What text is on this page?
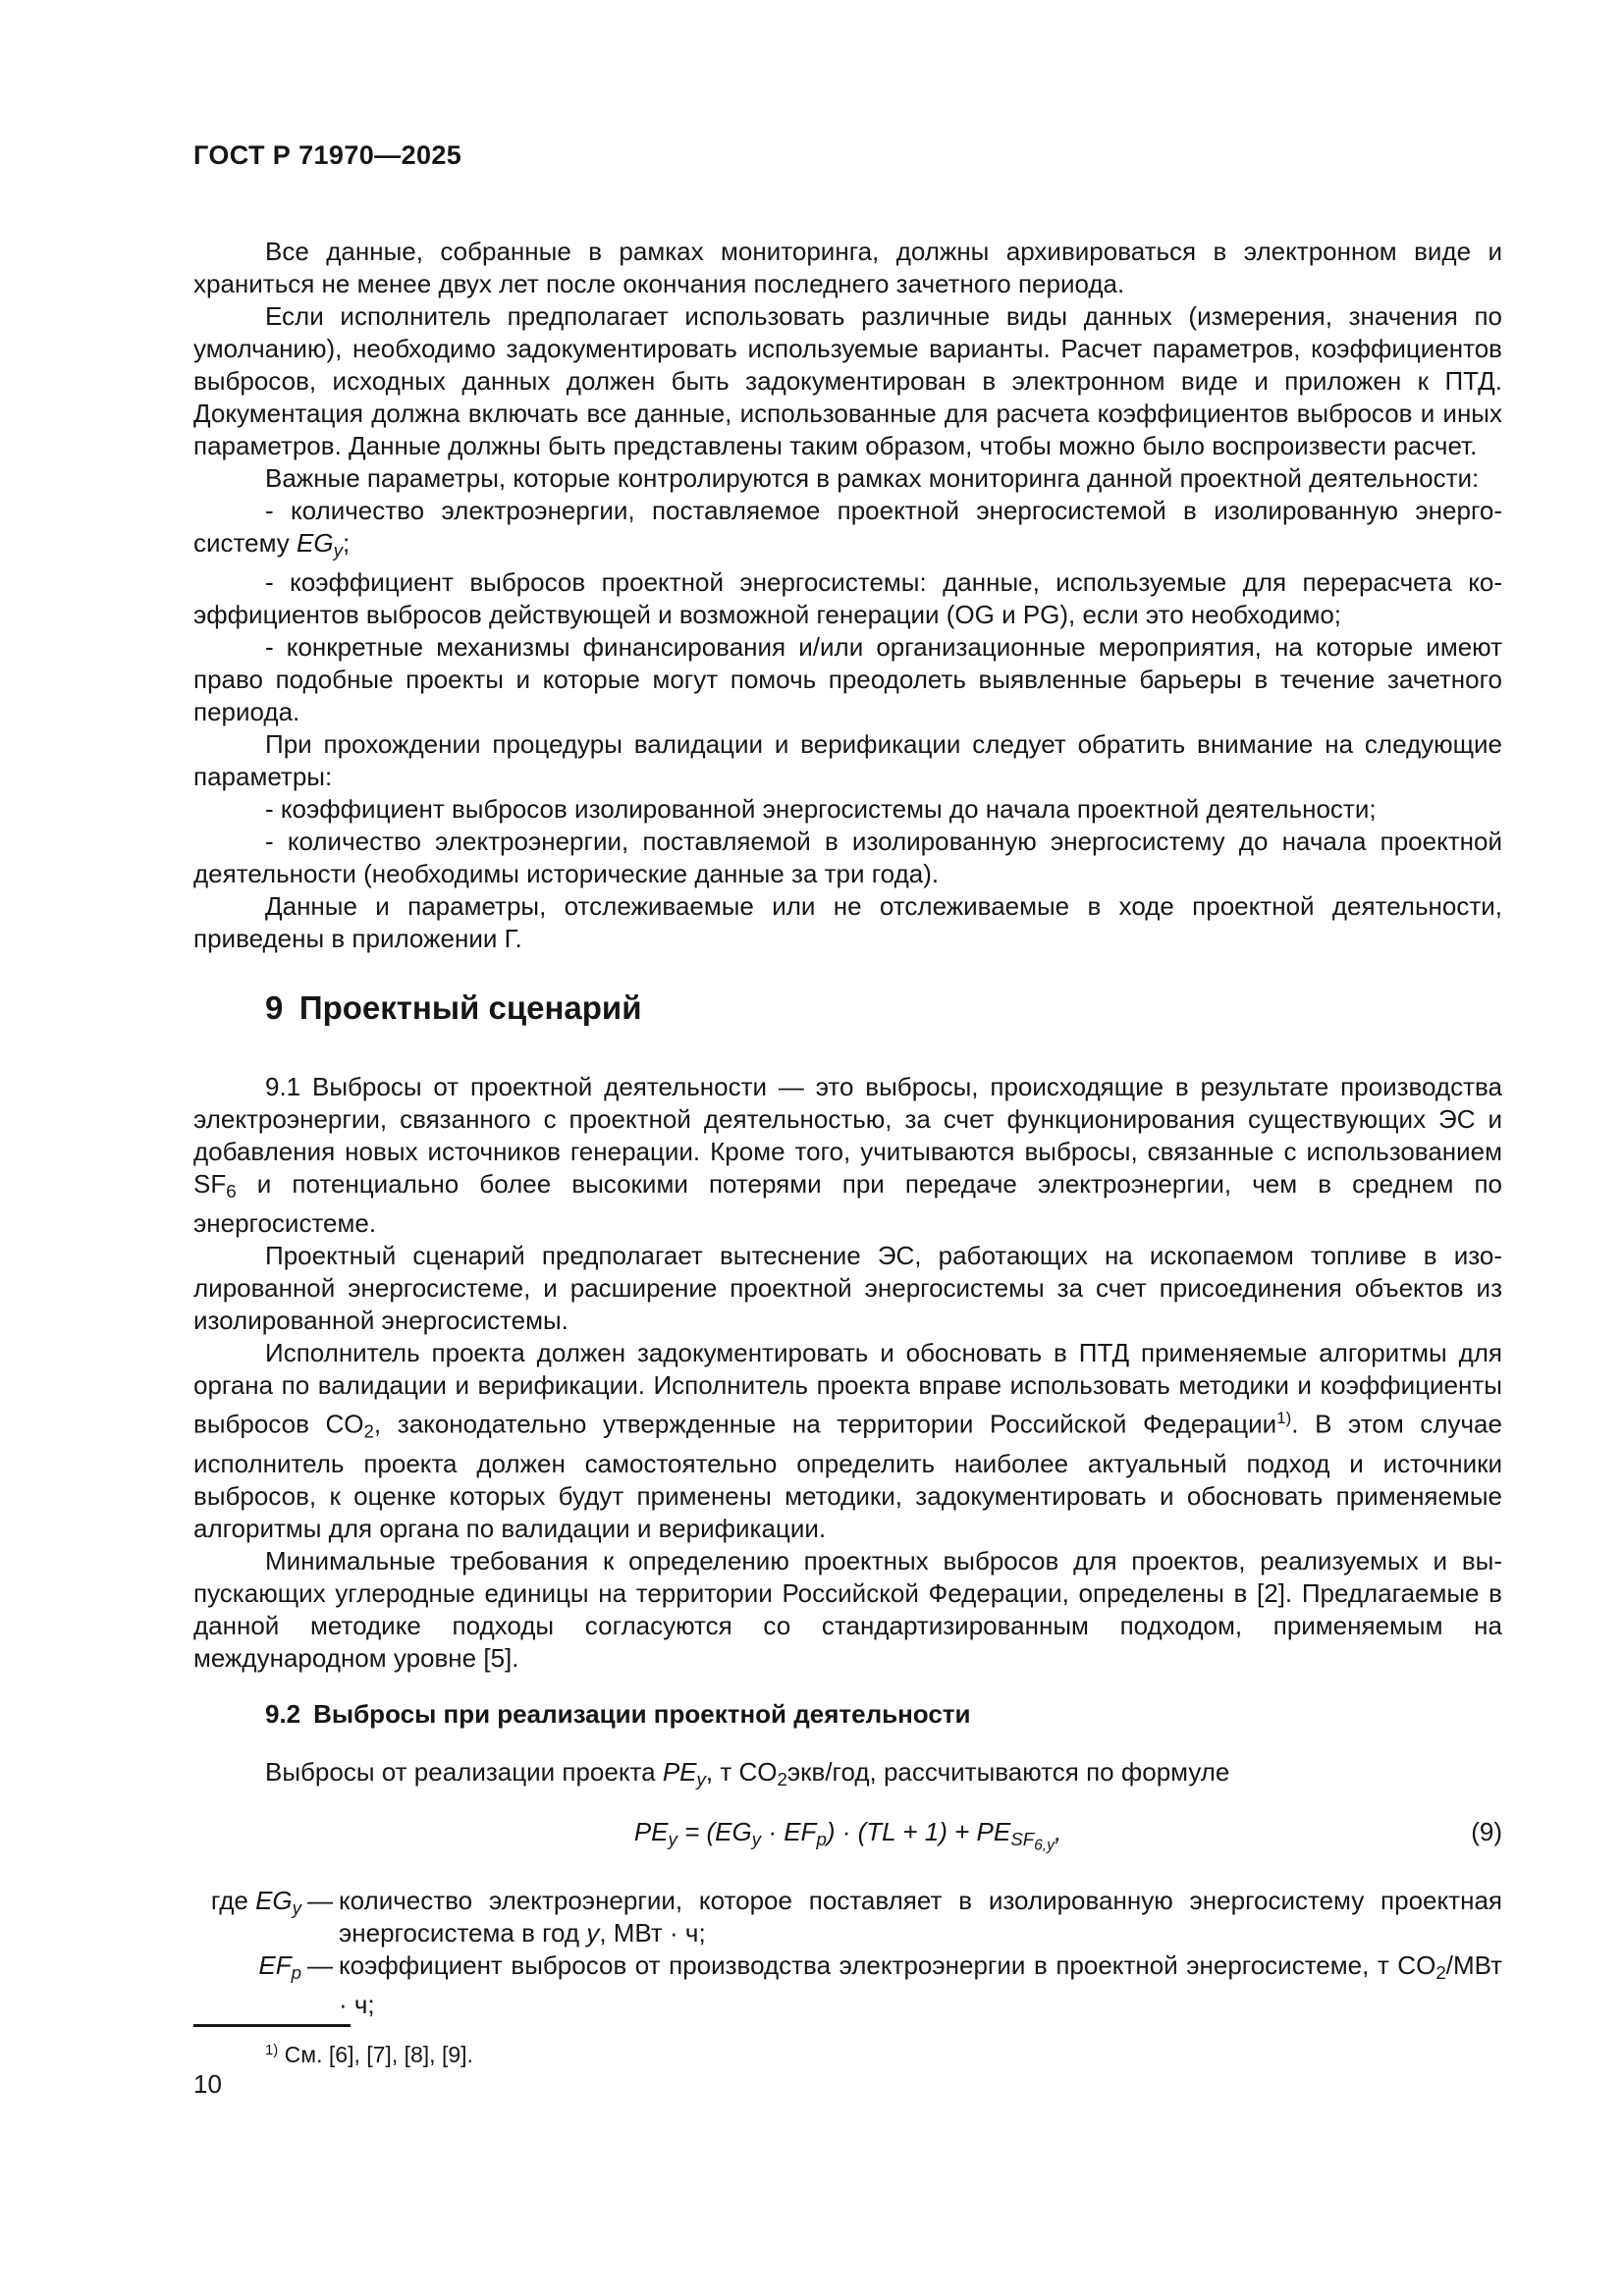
ГОСТ Р 71970—2025

Все данные, собранные в рамках мониторинга, должны архивироваться в электронном виде и храниться не менее двух лет после окончания последнего зачетного периода.

Если исполнитель предполагает использовать различные виды данных (измерения, значения по умолчанию), необходимо задокументировать используемые варианты. Расчет параметров, коэффициентов выбросов, исходных данных должен быть задокументирован в электронном виде и приложен к ПТД. Документация должна включать все данные, использованные для расчета коэффициентов выбросов и иных параметров. Данные должны быть представлены таким образом, чтобы можно было воспроизвести расчет.

Важные параметры, которые контролируются в рамках мониторинга данной проектной деятельности:

- количество электроэнергии, поставляемое проектной энергосистемой в изолированную энергосистему $EG_y$;

- коэффициент выбросов проектной энергосистемы: данные, используемые для перерасчета коэффициентов выбросов действующей и возможной генерации (OG и PG), если это необходимо;

- конкретные механизмы финансирования и/или организационные мероприятия, на которые имеют право подобные проекты и которые могут помочь преодолеть выявленные барьеры в течение зачетного периода.

При прохождении процедуры валидации и верификации следует обратить внимание на следующие параметры:

- коэффициент выбросов изолированной энергосистемы до начала проектной деятельности;

- количество электроэнергии, поставляемой в изолированную энергосистему до начала проектной деятельности (необходимы исторические данные за три года).

Данные и параметры, отслеживаемые или не отслеживаемые в ходе проектной деятельности, приведены в приложении Г.

9 Проектный сценарий

9.1 Выбросы от проектной деятельности — это выбросы, происходящие в результате производства электроэнергии, связанного с проектной деятельностью, за счет функционирования существующих ЭС и добавления новых источников генерации. Кроме того, учитываются выбросы, связанные с использованием $SF_6$ и потенциально более высокими потерями при передаче электроэнергии, чем в среднем по энергосистеме.

Проектный сценарий предполагает вытеснение ЭС, работающих на ископаемом топливе в изолированной энергосистеме, и расширение проектной энергосистемы за счет присоединения объектов из изолированной энергосистемы.

Исполнитель проекта должен задокументировать и обосновать в ПТД применяемые алгоритмы для органа по валидации и верификации. Исполнитель проекта вправе использовать методики и коэффициенты выбросов $CO_2$, законодательно утвержденные на территории Российской Федерации$^{1)}$. В этом случае исполнитель проекта должен самостоятельно определить наиболее актуальный подход и источники выбросов, к оценке которых будут применены методики, задокументировать и обосновать применяемые алгоритмы для органа по валидации и верификации.

Минимальные требования к определению проектных выбросов для проектов, реализуемых и выпускающих углеродные единицы на территории Российской Федерации, определены в [2]. Предлагаемые в данной методике подходы согласуются со стандартизированным подходом, применяемым на международном уровне [5].

9.2 Выбросы при реализации проектной деятельности

Выбросы от реализации проекта $PE_y$, т $CO_2экв$/год, рассчитываются по формуле

$PE_y = (EG_y \cdot EF_p) \cdot (TL + 1) + PE_{SF6,y}$,	(9)
где $EG_y$ — количество электроэнергии, которое поставляет в изолированную энергосистему проектная энергосистема в год y, МВт · ч;
$EF_p$ — коэффициент выбросов от производства электроэнергии в проектной энергосистеме, т $CO_2$/МВт · ч;
$^{1)}$ См. [6], [7], [8], [9].
10
